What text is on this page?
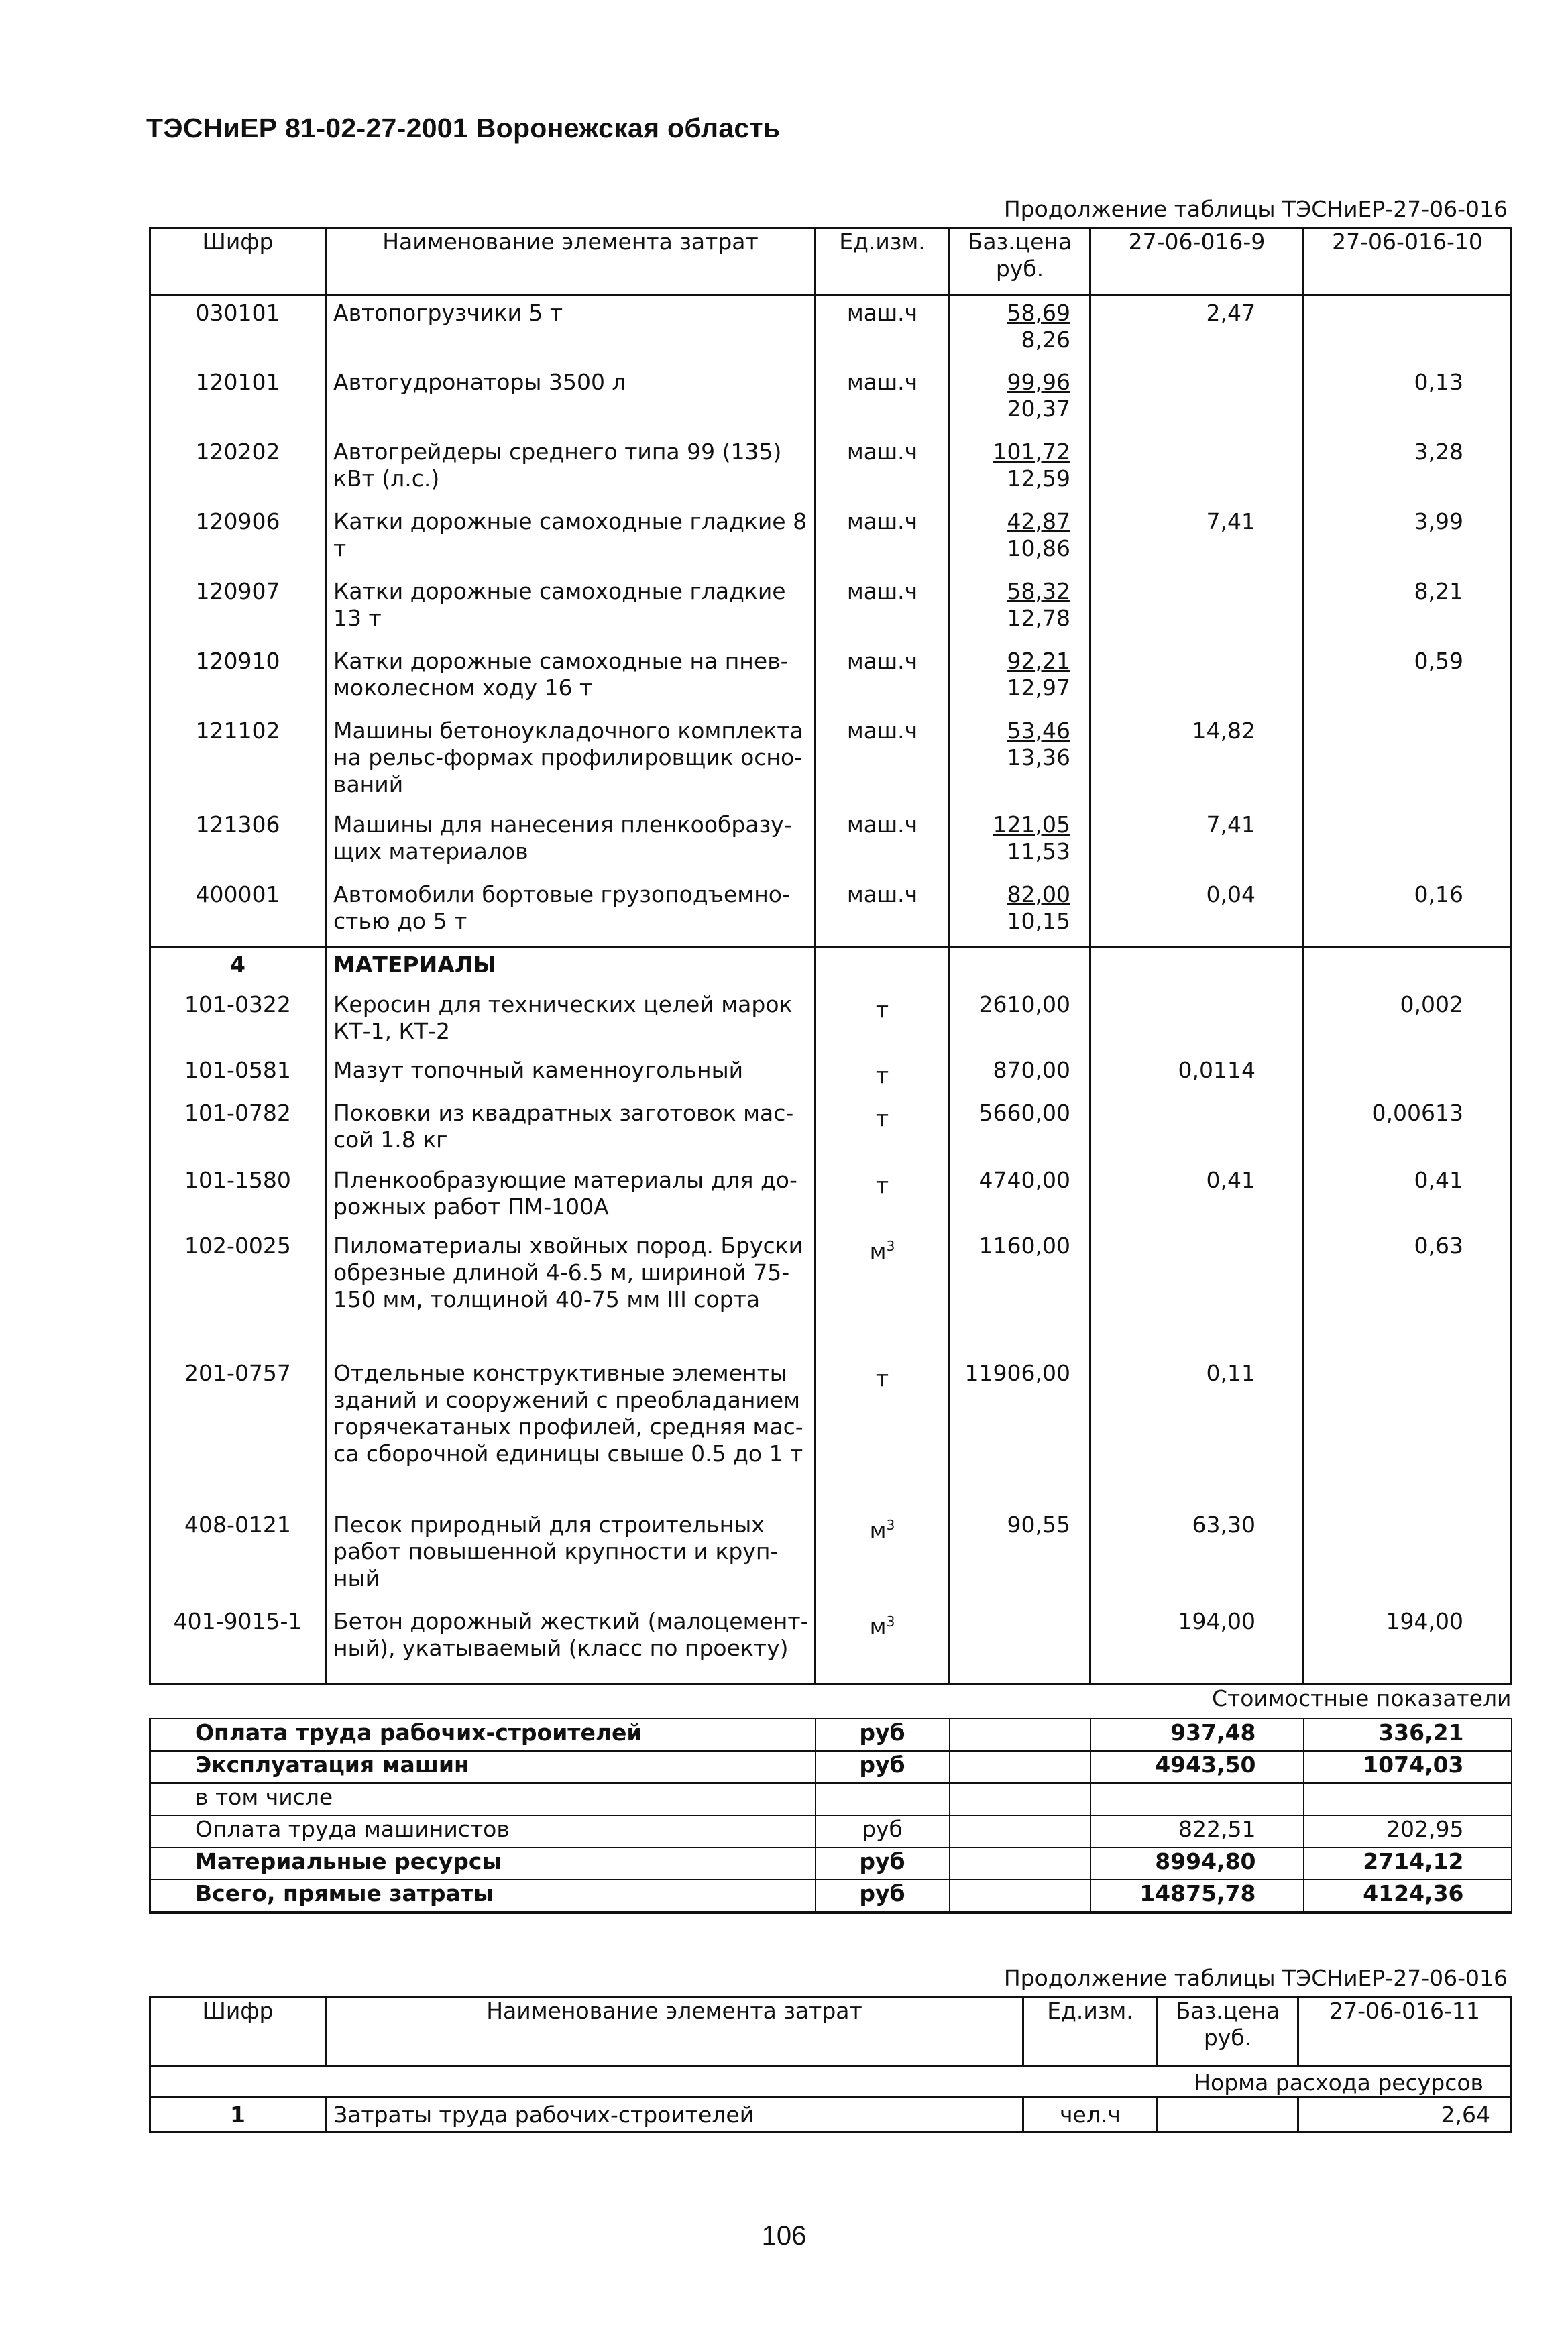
ТЭСНиЕР 81-02-27-2001 Воронежская область
Продолжение таблицы ТЭСНиЕР-27-06-016
Шифр	Наименование элемента затрат	Ед.изм.	Баз.цена руб.	27-06-016-9	27-06-016-10
030101	Автопогрузчики 5 т	маш.ч	58,69
8,26	2,47	
120101	Автогудронаторы 3500 л	маш.ч	99,96
20,37		0,13
120202	Автогрейдеры среднего типа 99 (135) кВт (л.с.)	маш.ч	101,72
12,59		3,28
120906	Катки дорожные самоходные гладкие 8 т	маш.ч	42,87
10,86	7,41	3,99
120907	Катки дорожные самоходные гладкие 13 т	маш.ч	58,32
12,78		8,21
120910	Катки дорожные самоходные на пнев-моколесном ходу 16 т	маш.ч	92,21
12,97		0,59
121102	Машины бетоноукладочного комплекта на рельс-формах профилировщик осно-ваний	маш.ч	53,46
13,36	14,82	
121306	Машины для нанесения пленкообразу-щих материалов	маш.ч	121,05
11,53	7,41	
400001	Автомобили бортовые грузоподъемно-стью до 5 т	маш.ч	82,00
10,15	0,04	0,16
4	МАТЕРИАЛЫ				
101-0322	Керосин для технических целей марок КТ-1, КТ-2	т	2610,00		0,002
101-0581	Мазут топочный каменноугольный	т	870,00	0,0114	
101-0782	Поковки из квадратных заготовок мас-сой 1.8 кг	т	5660,00		0,00613
101-1580	Пленкообразующие материалы для до-рожных работ ПМ-100А	т	4740,00	0,41	0,41
102-0025	Пиломатериалы хвойных пород. Бруски обрезные длиной 4-6.5 м, шириной 75-150 мм, толщиной 40-75 мм III сорта	$м^3$	1160,00		0,63
201-0757	Отдельные конструктивные элементы зданий и сооружений с преобладанием горячекатаных профилей, средняя мас-са сборочной единицы свыше 0.5 до 1 т	т	11906,00	0,11	
408-0121	Песок природный для строительных работ повышенной крупности и круп-ный	$м^3$	90,55	63,30	
401-9015-1	Бетон дорожный жесткий (малоцемент-ный), укатываемый (класс по проекту)	$м^3$		194,00	194,00

Стоимостные показатели					
Оплата труда рабочих-строителей		руб		937,48	336,21
Эксплуатация машин		руб		4943,50	1074,03
в том числе					
Оплата труда машинистов		руб		822,51	202,95
Материальные ресурсы		руб		8994,80	2714,12
Всего, прямые затраты		руб		14875,78	4124,36
Продолжение таблицы ТЭСНиЕР-27-06-016
Шифр	Наименование элемента затрат	Ед.изм.	Баз.цена руб.	27-06-016-11
Норма расхода ресурсов				
1	Затраты труда рабочих-строителей	чел.ч		2,64
106
